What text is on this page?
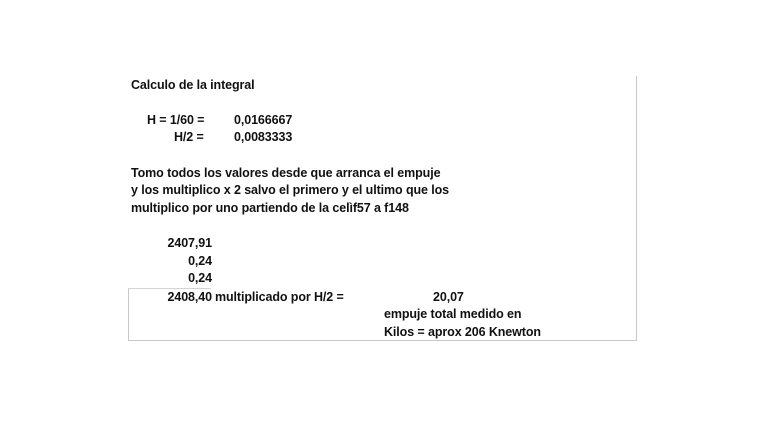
Calculo de la integral
H = 1/60 = 0,0166667
H/2 = 0,0083333
Tomo todos los valores desde que arranca el empuje
y los multiplico x 2 salvo el primero y el ultimo que los
multiplico por uno partiendo de la celìf57 a f148
2407,91
0,24
0,24
2408,40 multiplicado por H/2 =	20,07
empuje total medido en
Kilos = aprox 206 Knewton
